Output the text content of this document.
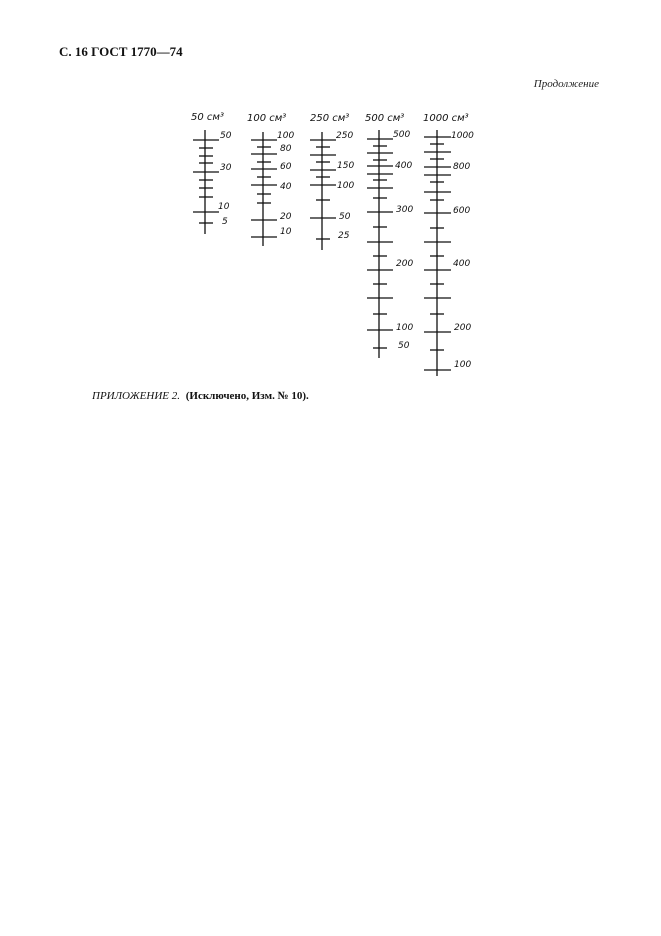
С. 16 ГОСТ 1770—74
Продолжение
50 см³ 100 см³ 250 см³ 500 см³ 1000 см³
50
30
10
5
100
80
60
40
20
10
250
150
100
50
25
500
400
300
200
100
50
1000
800
600
400
200
100
ПРИЛОЖЕНИЕ 2. (Исключено, Изм. № 10).
